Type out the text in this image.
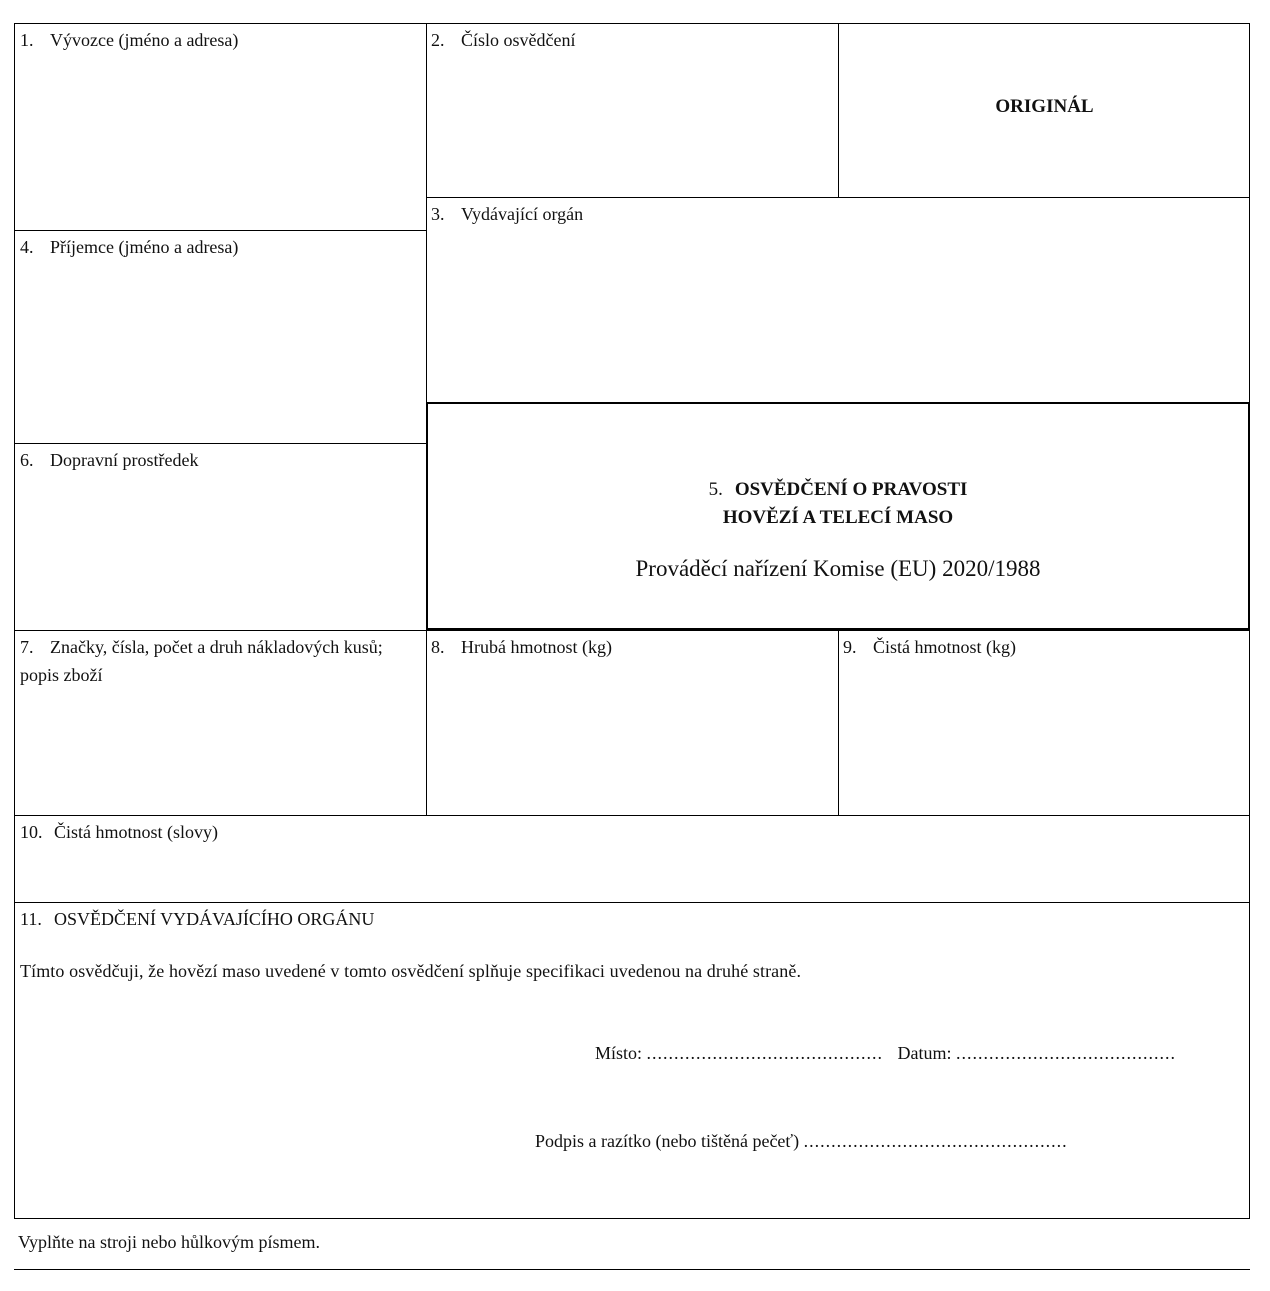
1. Vývozce (jméno a adresa)	2. Číslo osvědčení
ORIGINÁL
3. Vydávající orgán
4. Příjemce (jméno a adresa)
6. Dopravní prostředek
5. OSVĚDČENÍ O PRAVOSTI
HOVĚZÍ A TELECÍ MASO
Prováděcí nařízení Komise (EU) 2020/1988
7. Značky, čísla, počet a druh nákladových kusů; popis zboží
8. Hrubá hmotnost (kg)	9. Čistá hmotnost (kg)
10. Čistá hmotnost (slovy)
11. OSVĚDČENÍ VYDÁVAJÍCÍHO ORGÁNU
Tímto osvědčuji, že hovězí maso uvedené v tomto osvědčení splňuje specifikaci uvedenou na druhé straně.
Místo: ........................................... Datum: ........................................
Podpis a razítko (nebo tištěná pečeť) ................................................
Vyplňte na stroji nebo hůlkovým písmem.
